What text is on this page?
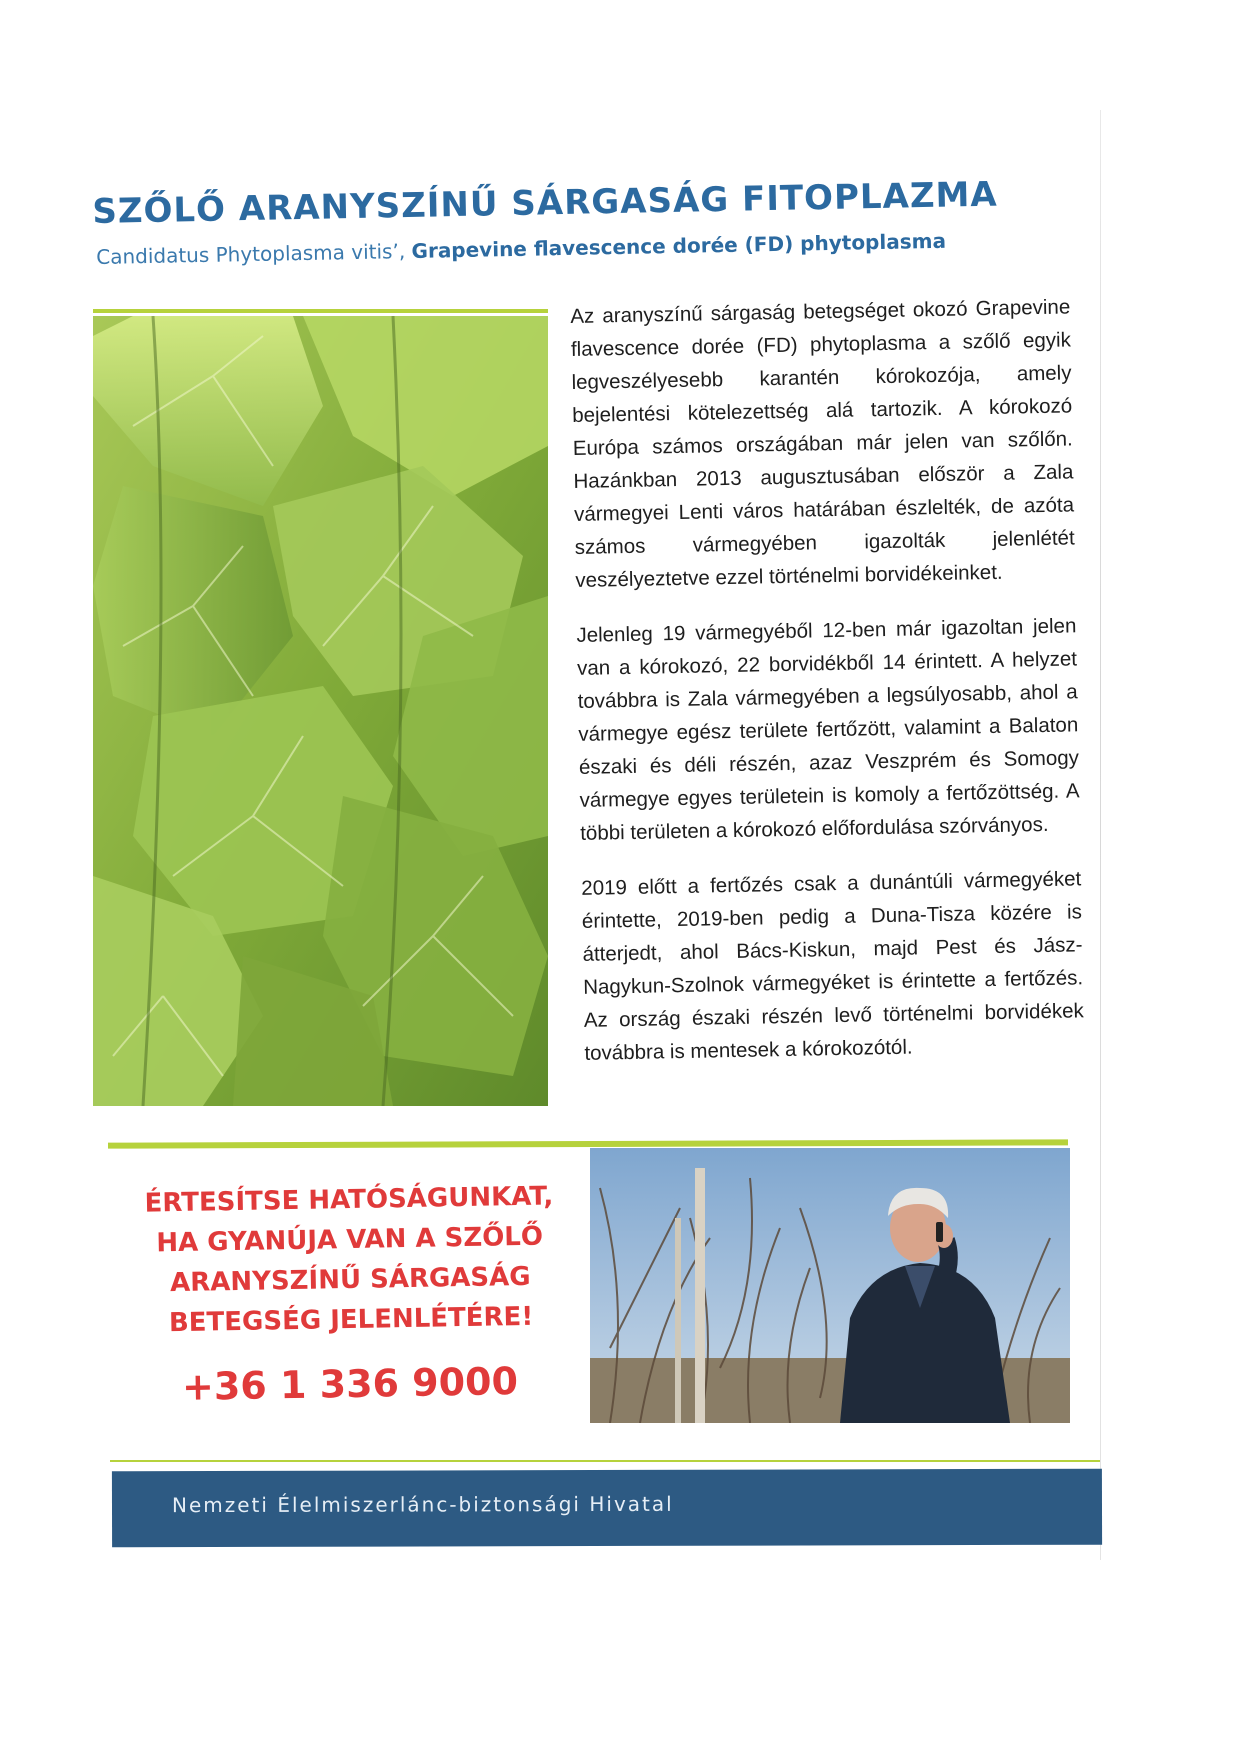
SZŐLŐ ARANYSZÍNŰ SÁRGASÁG FITOPLAZMA
Candidatus Phytoplasma vitis’, Grapevine flavescence dorée (FD) phytoplasma

Az aranyszínű sárgaság betegséget okozó Grapevine flavescence dorée (FD) phytoplasma a szőlő egyik legveszélyesebb karantén kórokozója, amely bejelentési kötelezettség alá tartozik. A kórokozó Európa számos országában már jelen van szőlőn. Hazánkban 2013 augusztusában először a Zala vármegyei Lenti város határában észlelték, de azóta számos vármegyében igazolták jelenlétét veszélyeztetve ezzel történelmi borvidékeinket.

Jelenleg 19 vármegyéből 12-ben már igazoltan jelen van a kórokozó, 22 borvidékből 14 érintett. A helyzet továbbra is Zala vármegyében a legsúlyosabb, ahol a vármegye egész területe fertőzött, valamint a Balaton északi és déli részén, azaz Veszprém és Somogy vármegye egyes területein is komoly a fertőzöttség. A többi területen a kórokozó előfordulása szórványos.

2019 előtt a fertőzés csak a dunántúli vármegyéket érintette, 2019-ben pedig a Duna-Tisza közére is átterjedt, ahol Bács-Kiskun, majd Pest és Jász-Nagykun-Szolnok vármegyéket is érintette a fertőzés. Az ország északi részén levő történelmi borvidékek továbbra is mentesek a kórokozótól.

ÉRTESÍTSE HATÓSÁGUNKAT,
HA GYANÚJA VAN A SZŐLŐ
ARANYSZÍNŰ SÁRGASÁG
BETEGSÉG JELENLÉTÉRE!
+36 1 336 9000
Nemzeti Élelmiszerlánc-biztonsági Hivatal
